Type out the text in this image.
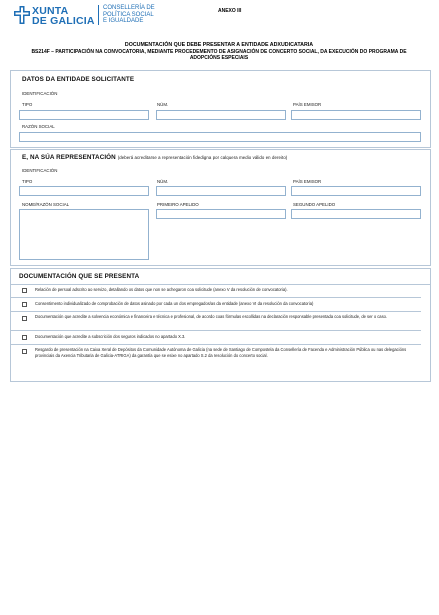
XUNTA
DE GALICIA
CONSELLERÍA DE
POLÍTICA SOCIAL
E IGUALDADE
ANEXO III
DOCUMENTACIÓN QUE DEBE PRESENTAR A ENTIDADE ADXUDICATARIA
BS214F – PARTICIPACIÓN NA CONVOCATORIA, MEDIANTE PROCEDEMENTO DE ASIGNACIÓN DE CONCERTO SOCIAL, DA EXECUCIÓN DO PROGRAMA DE ADOPCIÓNS ESPECIAIS
DATOS DA ENTIDADE SOLICITANTE
IDENTIFICACIÓN
TIPO	NÚM.	PAÍS EMISOR
RAZÓN SOCIAL
E, NA SÚA REPRESENTACIÓN (deberá acreditarse a representación fidedigna por calquera medio válido en dereito)
IDENTIFICACIÓN
TIPO	NÚM.	PAÍS EMISOR
NOME/RAZÓN SOCIAL	PRIMEIRO APELIDO	SEGUNDO APELIDO
DOCUMENTACIÓN QUE SE PRESENTA
Relación de persoal adscrito ao servizo, detallando os datos que non se achegaron coa solicitude (anexo V da resolución de convocatoria).
Consentimento individualizado de comprobación de datos asinado por cada un dos empregados/as da entidade (anexo VI da resolución da convocatoria)
Documentación que acredite a solvencia económica e financeira e técnica e profesional, de acordo coas fórmulas escollidas na declaración responsable presentada coa solicitude, de ser o caso.
Documentación que acredite a subscrición dos seguros indicados no apartado X.3.
Resgardo de presentación na Caixa Xeral de Depósitos da Comunidade Autónoma de Galicia (na sede de Santiago de Compostela da Consellería de Facenda e Administración Pública ou nas delegacións provinciais da Axencia Tributaria de Galicia-ATRIGA) da garantía que se esixe no apartado S.2 da resolución do concerto social.
